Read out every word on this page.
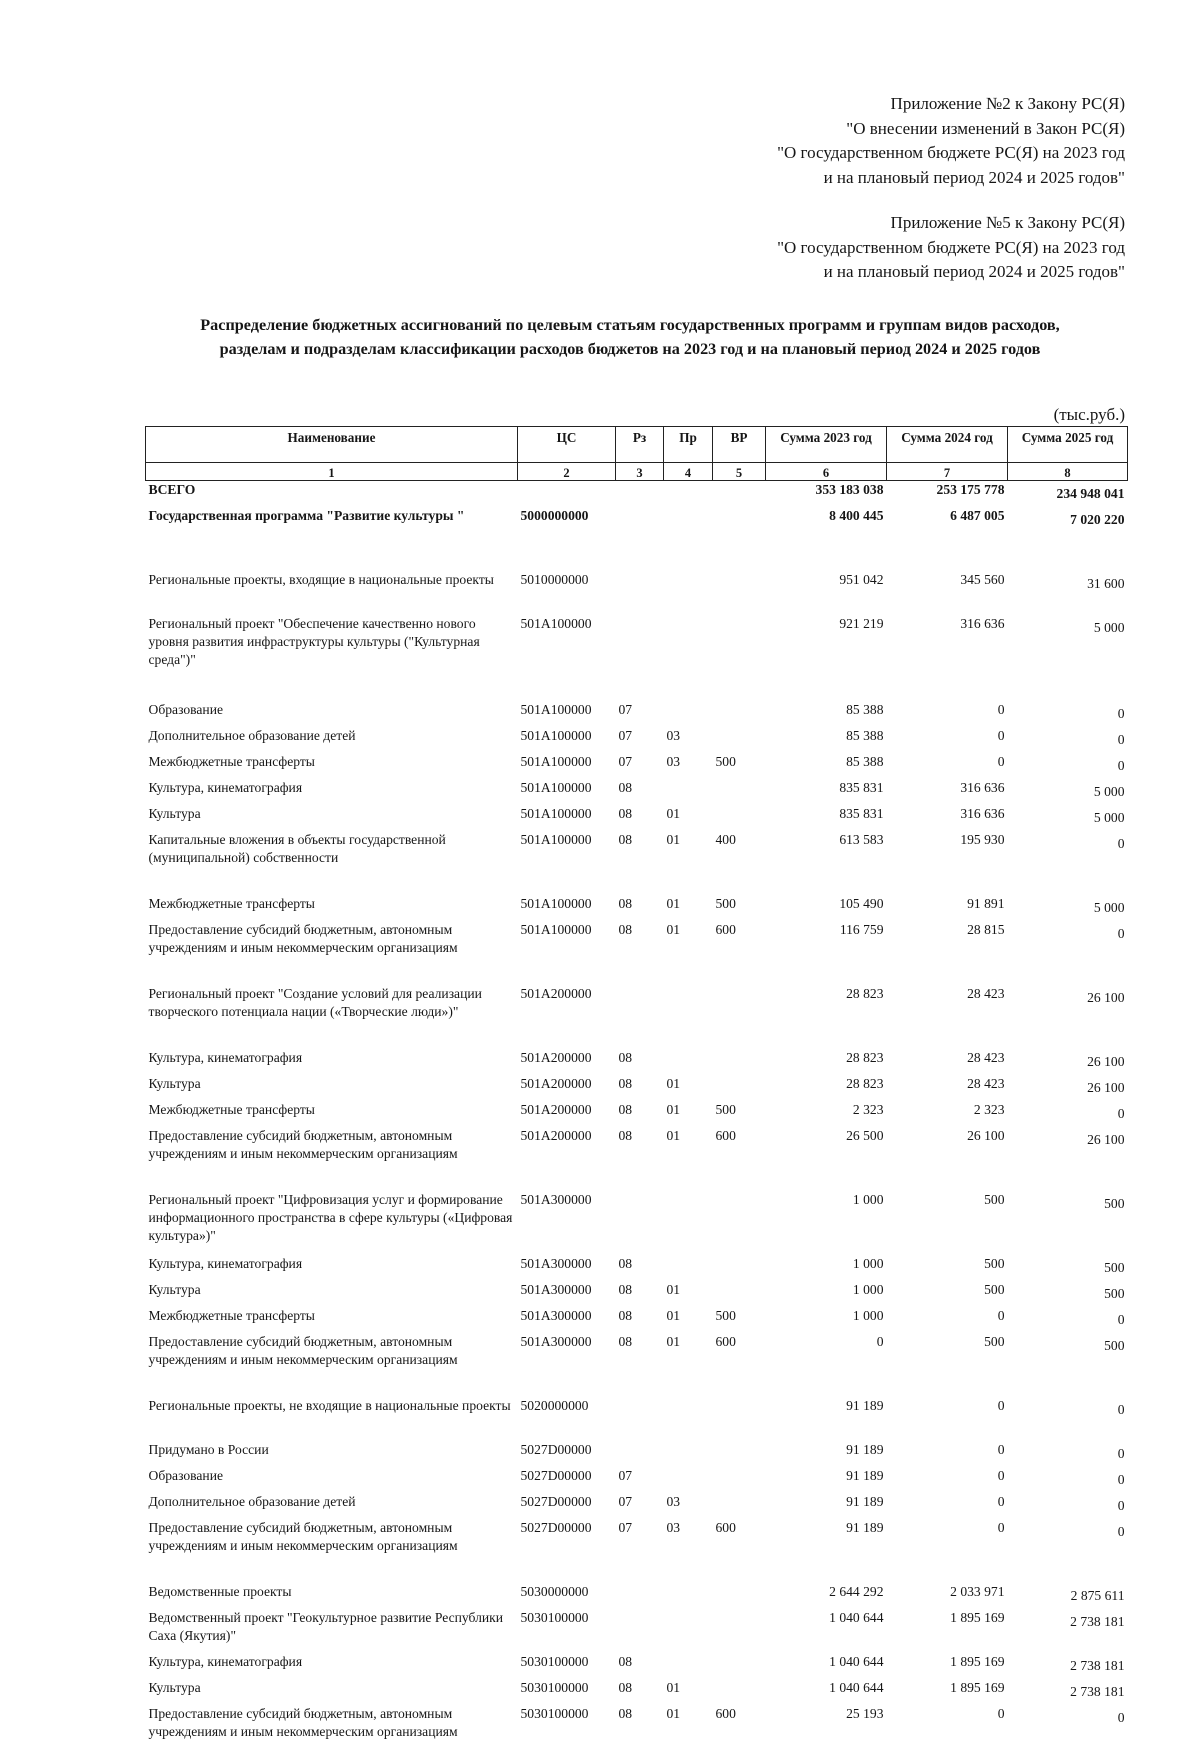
Приложение №2 к Закону РС(Я)
"О внесении изменений в Закон РС(Я)
"О государственном бюджете РС(Я) на 2023 год
и на плановый период 2024 и 2025 годов"
Приложение №5 к Закону РС(Я)
"О государственном бюджете РС(Я) на 2023 год
и на плановый период 2024 и 2025 годов"
Распределение бюджетных ассигнований по целевым статьям государственных программ и группам видов расходов,
разделам и подразделам классификации расходов бюджетов на 2023 год и на плановый период 2024 и 2025 годов
(тыс.руб.)
Наименование	ЦС	Рз	Пр	ВР	Сумма 2023 год	Сумма 2024 год	Сумма 2025 год
1	2	3	4	5	6	7	8
ВСЕГО					353 183 038	253 175 778	234 948 041
Государственная программа "Развитие культуры "	5000000000				8 400 445	6 487 005	7 020 220
Региональные проекты, входящие в национальные проекты	5010000000				951 042	345 560	31 600
Региональный проект "Обеспечение качественно нового уровня развития инфраструктуры культуры ("Культурная среда")"	501A100000				921 219	316 636	5 000
Образование	501A100000	07			85 388	0	0
Дополнительное образование детей	501A100000	07	03		85 388	0	0
Межбюджетные трансферты	501A100000	07	03	500	85 388	0	0
Культура, кинематография	501A100000	08			835 831	316 636	5 000
Культура	501A100000	08	01		835 831	316 636	5 000
Капитальные вложения в объекты государственной (муниципальной) собственности	501A100000	08	01	400	613 583	195 930	0
Межбюджетные трансферты	501A100000	08	01	500	105 490	91 891	5 000
Предоставление субсидий бюджетным, автономным учреждениям и иным некоммерческим организациям	501A100000	08	01	600	116 759	28 815	0
Региональный проект "Создание условий для реализации творческого потенциала нации («Творческие люди»)"	501A200000				28 823	28 423	26 100
Культура, кинематография	501A200000	08			28 823	28 423	26 100
Культура	501A200000	08	01		28 823	28 423	26 100
Межбюджетные трансферты	501A200000	08	01	500	2 323	2 323	0
Предоставление субсидий бюджетным, автономным учреждениям и иным некоммерческим организациям	501A200000	08	01	600	26 500	26 100	26 100
Региональный проект "Цифровизация услуг и формирование информационного пространства в сфере культуры («Цифровая культура»)"	501A300000				1 000	500	500
Культура, кинематография	501A300000	08			1 000	500	500
Культура	501A300000	08	01		1 000	500	500
Межбюджетные трансферты	501A300000	08	01	500	1 000	0	0
Предоставление субсидий бюджетным, автономным учреждениям и иным некоммерческим организациям	501A300000	08	01	600	0	500	500
Региональные проекты, не входящие в национальные проекты	5020000000				91 189	0	0
Придумано в России	5027D00000				91 189	0	0
Образование	5027D00000	07			91 189	0	0
Дополнительное образование детей	5027D00000	07	03		91 189	0	0
Предоставление субсидий бюджетным, автономным учреждениям и иным некоммерческим организациям	5027D00000	07	03	600	91 189	0	0
Ведомственные проекты	5030000000				2 644 292	2 033 971	2 875 611
Ведомственный проект "Геокультурное развитие Республики Саха (Якутия)"	5030100000				1 040 644	1 895 169	2 738 181
Культура, кинематография	5030100000	08			1 040 644	1 895 169	2 738 181
Культура	5030100000	08	01		1 040 644	1 895 169	2 738 181
Предоставление субсидий бюджетным, автономным учреждениям и иным некоммерческим организациям	5030100000	08	01	600	25 193	0	0
